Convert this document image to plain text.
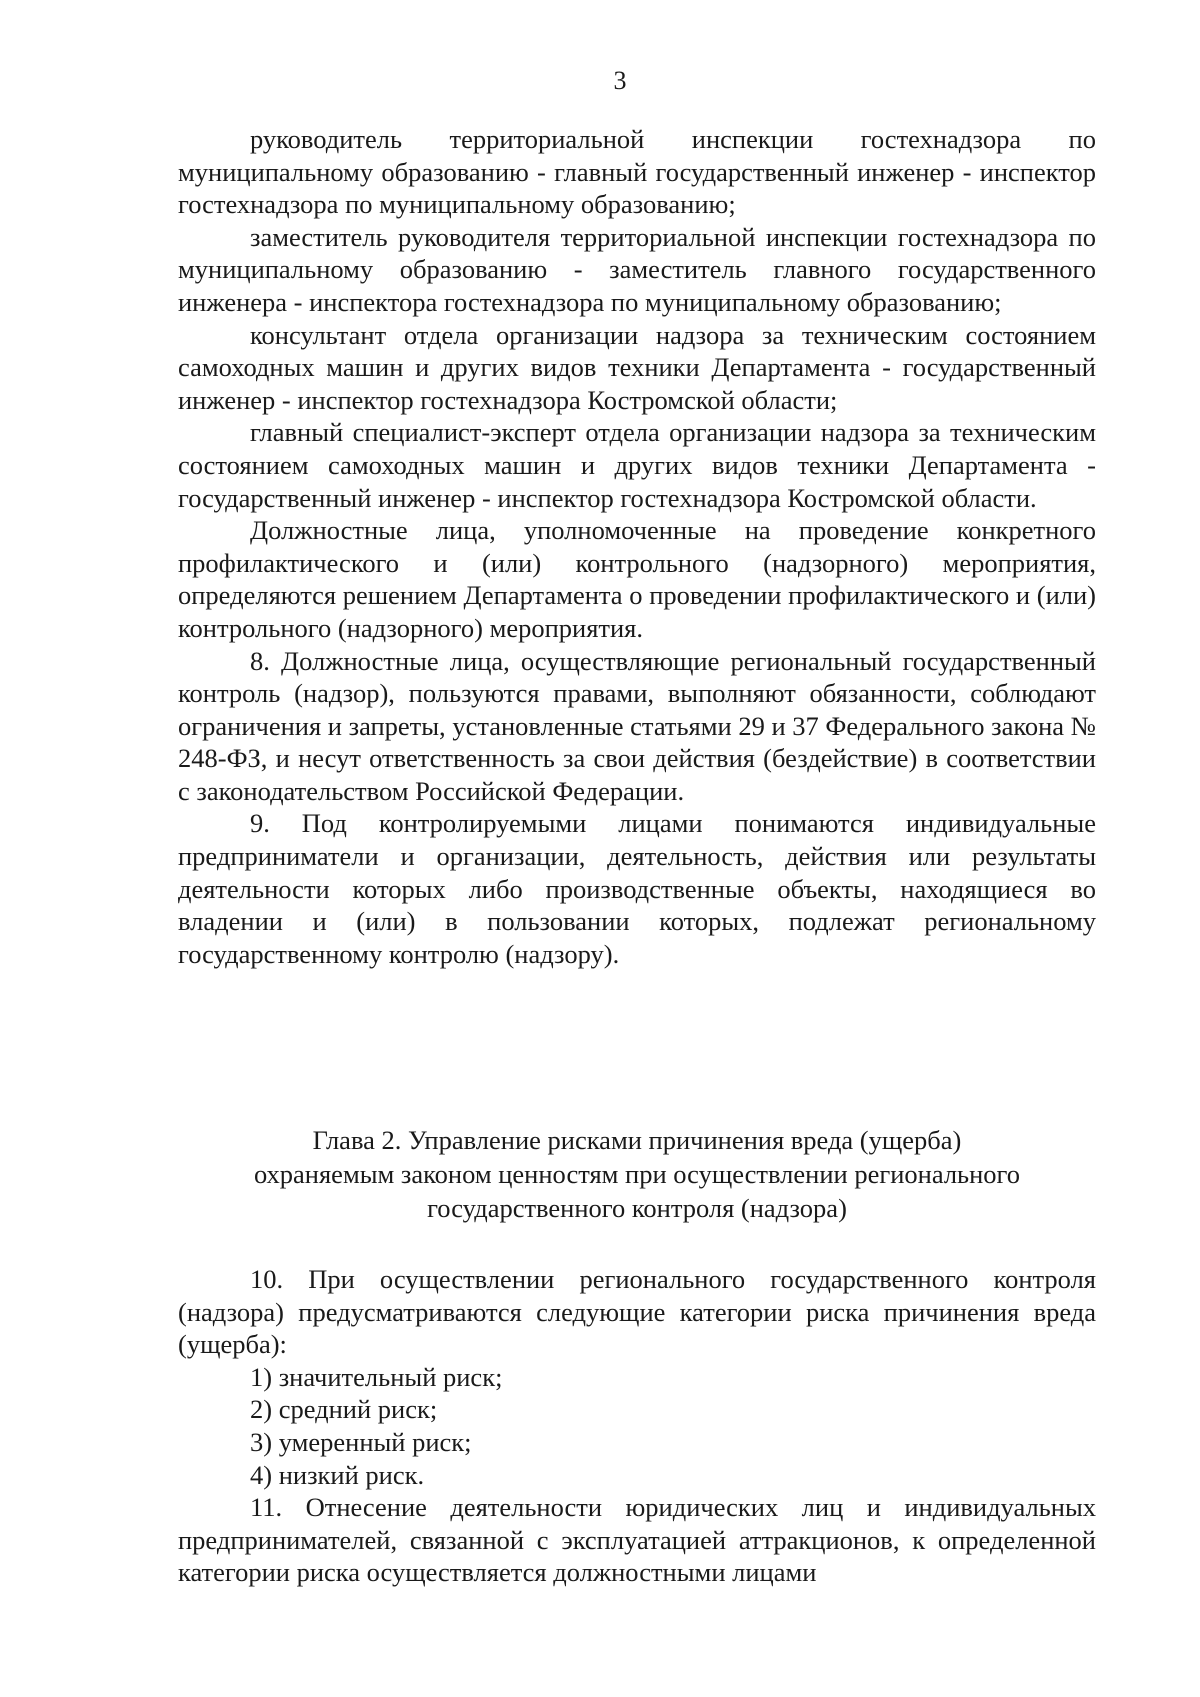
3

руководитель территориальной инспекции гостехнадзора по муниципальному образованию - главный государственный инженер - инспектор гостехнадзора по муниципальному образованию;

заместитель руководителя территориальной инспекции гостехнадзора по муниципальному образованию - заместитель главного государственного инженера - инспектора гостехнадзора по муниципальному образованию;

консультант отдела организации надзора за техническим состоянием самоходных машин и других видов техники Департамента - государственный инженер - инспектор гостехнадзора Костромской области;

главный специалист-эксперт отдела организации надзора за техническим состоянием самоходных машин и других видов техники Департамента - государственный инженер - инспектор гостехнадзора Костромской области.

Должностные лица, уполномоченные на проведение конкретного профилактического и (или) контрольного (надзорного) мероприятия, определяются решением Департамента о проведении профилактического и (или) контрольного (надзорного) мероприятия.

8. Должностные лица, осуществляющие региональный государственный контроль (надзор), пользуются правами, выполняют обязанности, соблюдают ограничения и запреты, установленные статьями 29 и 37 Федерального закона № 248-ФЗ, и несут ответственность за свои действия (бездействие) в соответствии с законодательством Российской Федерации.

9. Под контролируемыми лицами понимаются индивидуальные предприниматели и организации, деятельность, действия или результаты деятельности которых либо производственные объекты, находящиеся во владении и (или) в пользовании которых, подлежат региональному государственному контролю (надзору).

Глава 2. Управление рисками причинения вреда (ущерба)
охраняемым законом ценностям при осуществлении регионального
государственного контроля (надзора)

10. При осуществлении регионального государственного контроля (надзора) предусматриваются следующие категории риска причинения вреда (ущерба):

1) значительный риск;

2) средний риск;

3) умеренный риск;

4) низкий риск.

11. Отнесение деятельности юридических лиц и индивидуальных предпринимателей, связанной с эксплуатацией аттракционов, к определенной категории риска осуществляется должностными лицами
